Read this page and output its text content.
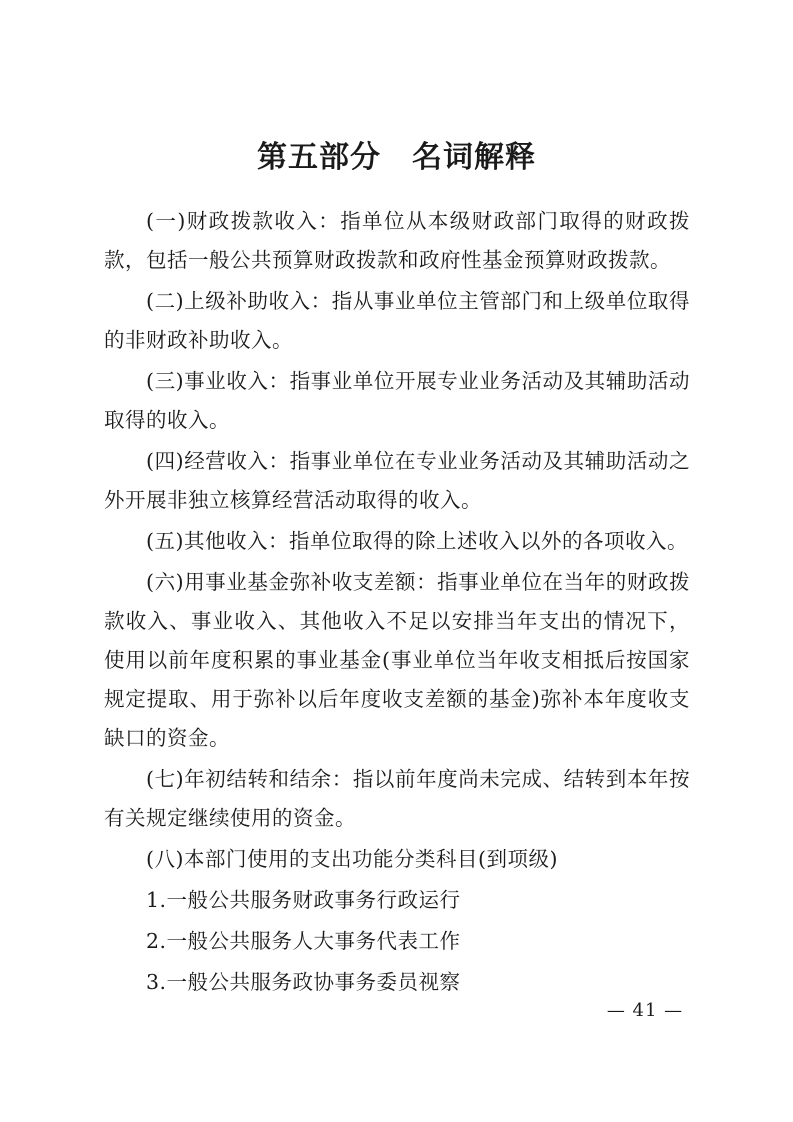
第五部分　名词解释

(一)财政拨款收入：指单位从本级财政部门取得的财政拨款，包括一般公共预算财政拨款和政府性基金预算财政拨款。

(二)上级补助收入：指从事业单位主管部门和上级单位取得的非财政补助收入。

(三)事业收入：指事业单位开展专业业务活动及其辅助活动取得的收入。

(四)经营收入：指事业单位在专业业务活动及其辅助活动之外开展非独立核算经营活动取得的收入。

(五)其他收入：指单位取得的除上述收入以外的各项收入。

(六)用事业基金弥补收支差额：指事业单位在当年的财政拨款收入、事业收入、其他收入不足以安排当年支出的情况下，使用以前年度积累的事业基金(事业单位当年收支相抵后按国家规定提取、用于弥补以后年度收支差额的基金)弥补本年度收支缺口的资金。

(七)年初结转和结余：指以前年度尚未完成、结转到本年按有关规定继续使用的资金。

(八)本部门使用的支出功能分类科目(到项级)

1.一般公共服务财政事务行政运行

2.一般公共服务人大事务代表工作

3.一般公共服务政协事务委员视察

— 41 —
